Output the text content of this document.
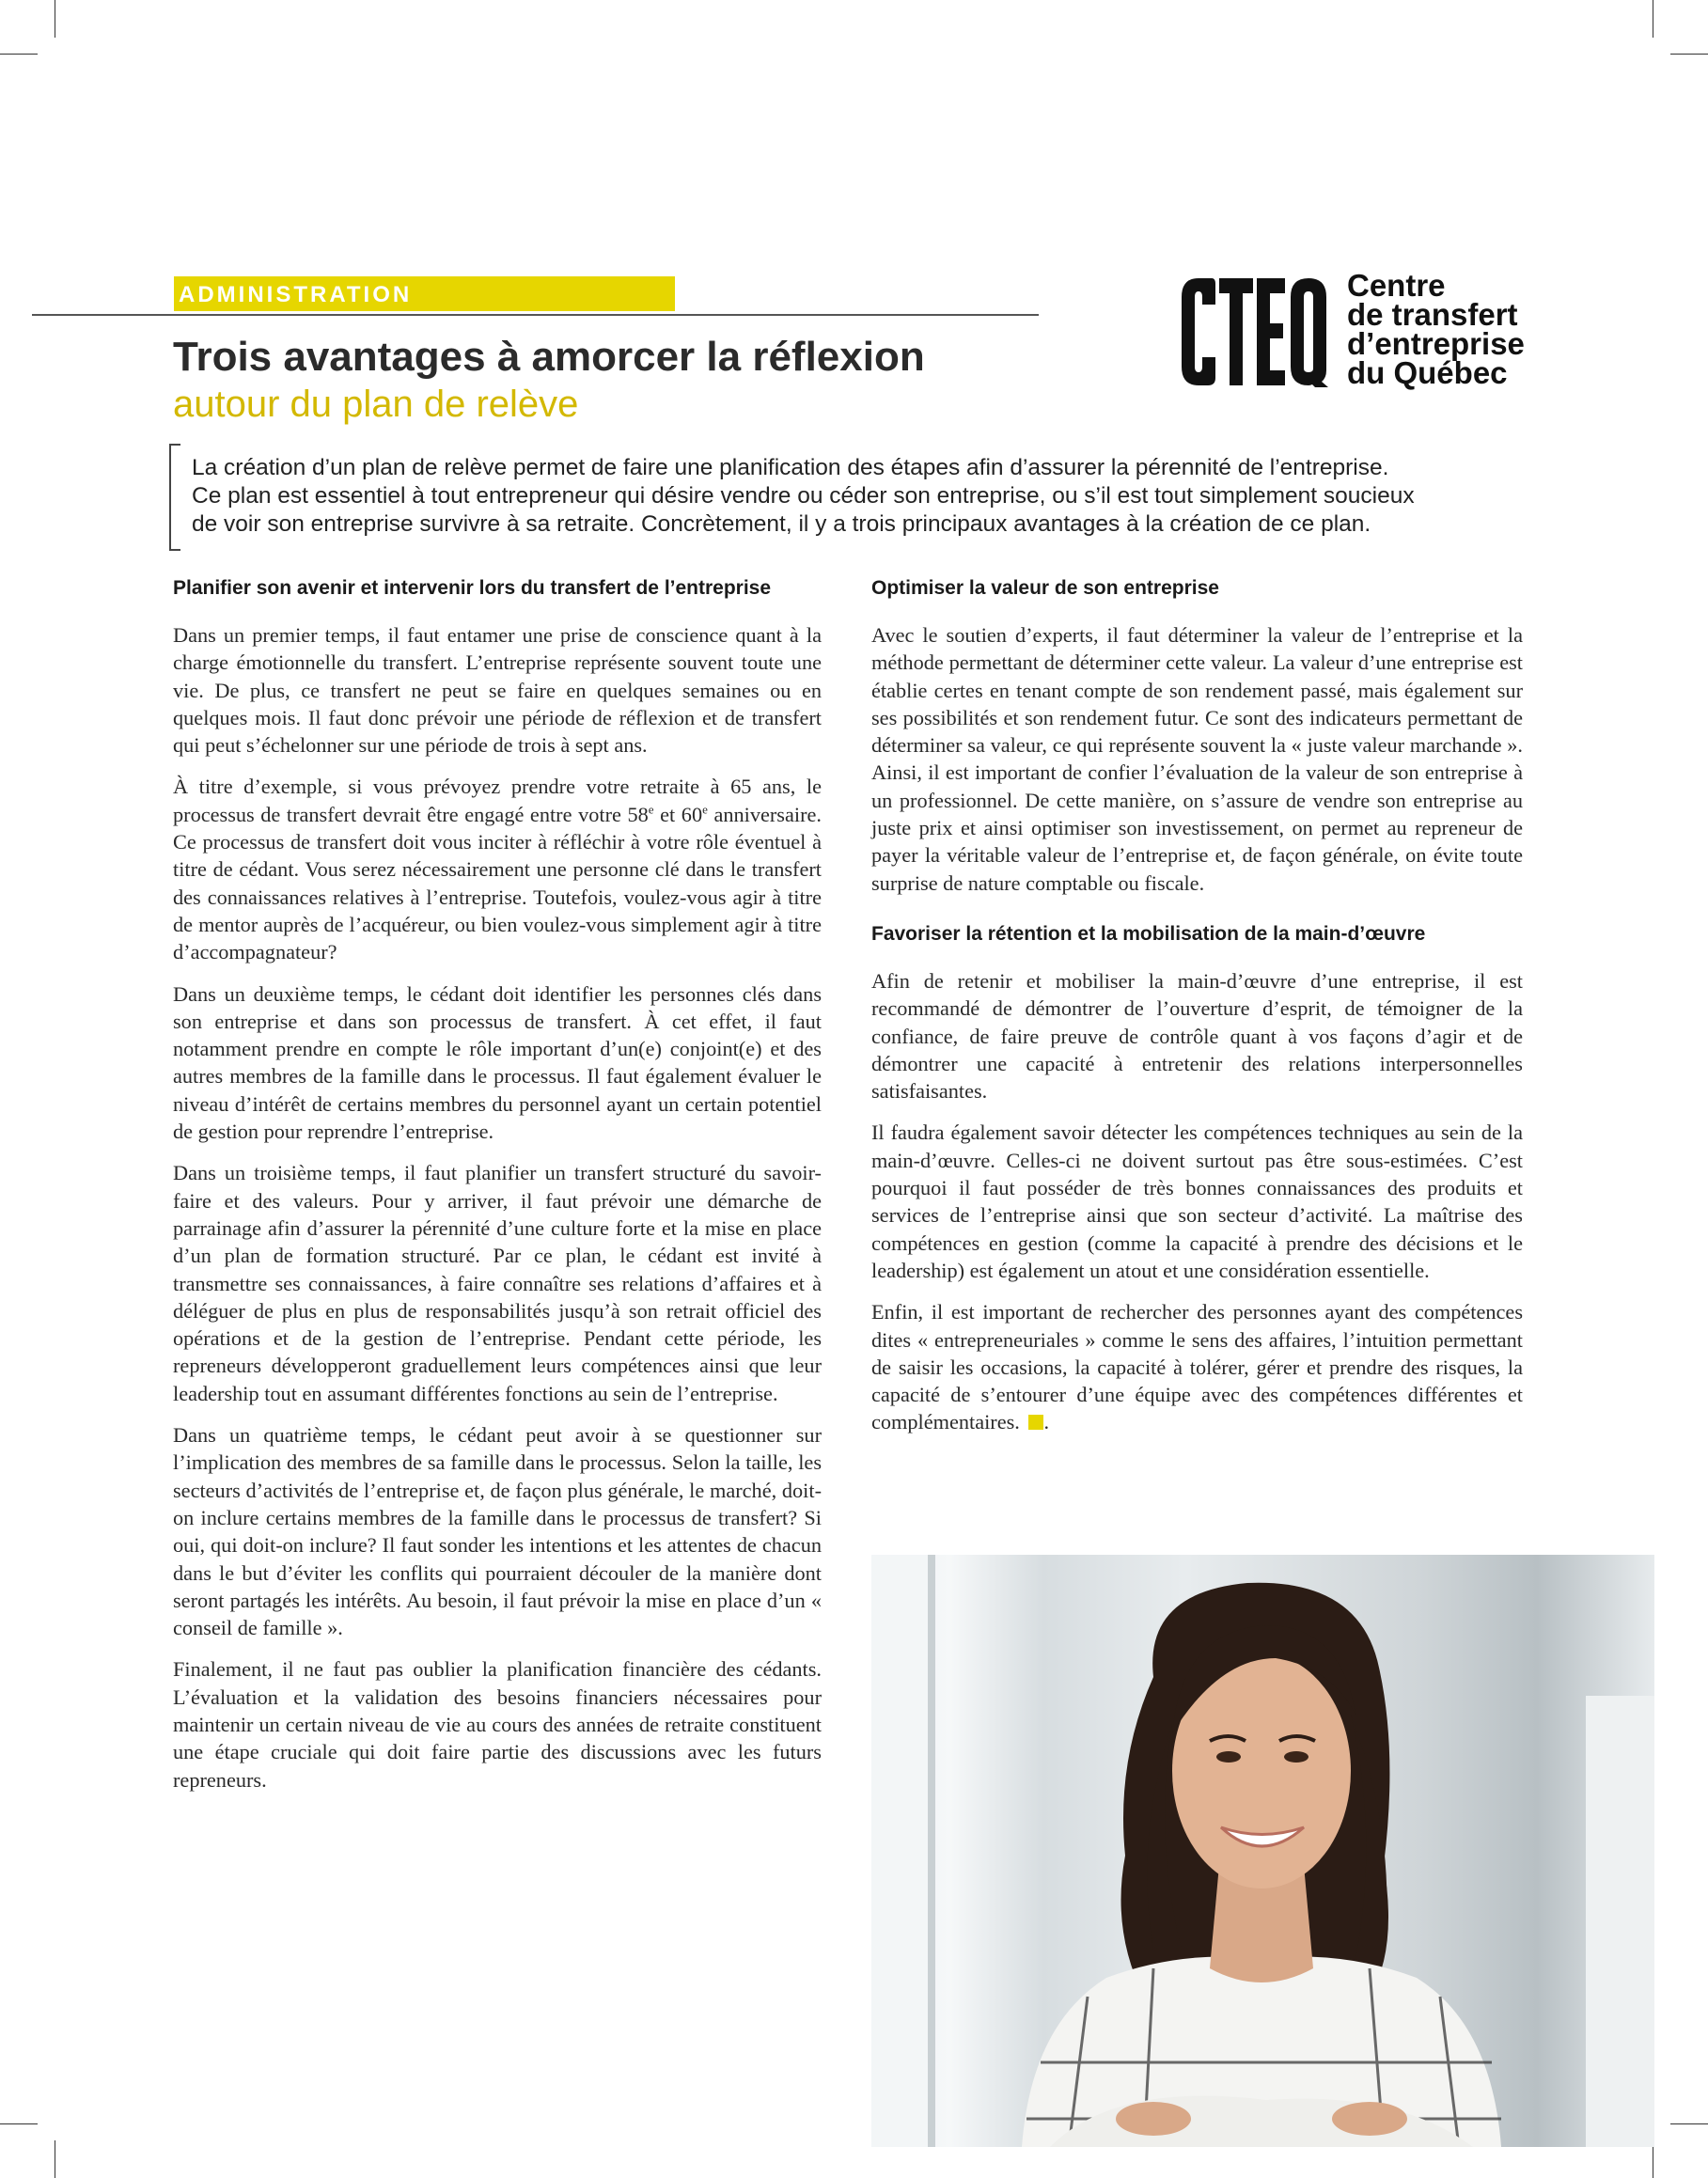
ADMINISTRATION
Trois avantages à amorcer la réflexion
autour du plan de relève
Centre
de transfert
d’entreprise
du Québec
La création d’un plan de relève permet de faire une planification des étapes afin d’assurer la pérennité de l’entreprise.
Ce plan est essentiel à tout entrepreneur qui désire vendre ou céder son entreprise, ou s’il est tout simplement soucieux
de voir son entreprise survivre à sa retraite. Concrètement, il y a trois principaux avantages à la création de ce plan.
Planifier son avenir et intervenir lors du transfert de l’entreprise

Dans un premier temps, il faut entamer une prise de conscience quant à la charge émotionnelle du transfert. L’entreprise représente souvent toute une vie. De plus, ce transfert ne peut se faire en quelques semaines ou en quelques mois. Il faut donc prévoir une période de réflexion et de transfert qui peut s’échelonner sur une période de trois à sept ans.

À titre d’exemple, si vous prévoyez prendre votre retraite à 65 ans, le processus de transfert devrait être engagé entre votre 58e et 60e anniversaire. Ce processus de transfert doit vous inciter à réfléchir à votre rôle éventuel à titre de cédant. Vous serez nécessairement une personne clé dans le transfert des connaissances relatives à l’entreprise. Toutefois, voulez-vous agir à titre de mentor auprès de l’acquéreur, ou bien voulez-vous simplement agir à titre d’accompagnateur?

Dans un deuxième temps, le cédant doit identifier les personnes clés dans son entreprise et dans son processus de transfert. À cet effet, il faut notamment prendre en compte le rôle important d’un(e) conjoint(e) et des autres membres de la famille dans le processus. Il faut également évaluer le niveau d’intérêt de certains membres du personnel ayant un certain potentiel de gestion pour reprendre l’entreprise.

Dans un troisième temps, il faut planifier un transfert structuré du savoir-faire et des valeurs. Pour y arriver, il faut prévoir une démarche de parrainage afin d’assurer la pérennité d’une culture forte et la mise en place d’un plan de formation structuré. Par ce plan, le cédant est invité à transmettre ses connaissances, à faire connaître ses relations d’affaires et à déléguer de plus en plus de responsabilités jusqu’à son retrait officiel des opérations et de la gestion de l’entreprise. Pendant cette période, les repreneurs développeront graduellement leurs compétences ainsi que leur leadership tout en assumant différentes fonctions au sein de l’entreprise.

Dans un quatrième temps, le cédant peut avoir à se questionner sur l’implication des membres de sa famille dans le processus. Selon la taille, les secteurs d’activités de l’entreprise et, de façon plus générale, le marché, doit-on inclure certains membres de la famille dans le processus de transfert? Si oui, qui doit-on inclure? Il faut sonder les intentions et les attentes de chacun dans le but d’éviter les conflits qui pourraient découler de la manière dont seront partagés les intérêts. Au besoin, il faut prévoir la mise en place d’un « conseil de famille ».

Finalement, il ne faut pas oublier la planification financière des cédants. L’évaluation et la validation des besoins financiers nécessaires pour maintenir un certain niveau de vie au cours des années de retraite constituent une étape cruciale qui doit faire partie des discussions avec les futurs repreneurs.

Optimiser la valeur de son entreprise

Avec le soutien d’experts, il faut déterminer la valeur de l’entreprise et la méthode permettant de déterminer cette valeur. La valeur d’une entreprise est établie certes en tenant compte de son rendement passé, mais également sur ses possibilités et son rendement futur. Ce sont des indicateurs permettant de déterminer sa valeur, ce qui représente souvent la « juste valeur marchande ». Ainsi, il est important de confier l’évaluation de la valeur de son entreprise à un professionnel. De cette manière, on s’assure de vendre son entreprise au juste prix et ainsi optimiser son investissement, on permet au repreneur de payer la véritable valeur de l’entreprise et, de façon générale, on évite toute surprise de nature comptable ou fiscale.

Favoriser la rétention et la mobilisation de la main-d’œuvre

Afin de retenir et mobiliser la main-d’œuvre d’une entreprise, il est recommandé de démontrer de l’ouverture d’esprit, de témoigner de la confiance, de faire preuve de contrôle quant à vos façons d’agir et de démontrer une capacité à entretenir des relations interpersonnelles satisfaisantes.

Il faudra également savoir détecter les compétences techniques au sein de la main-d’œuvre. Celles-ci ne doivent surtout pas être sous-estimées. C’est pourquoi il faut posséder de très bonnes connaissances des produits et services de l’entreprise ainsi que son secteur d’activité. La maîtrise des compétences en gestion (comme la capacité à prendre des décisions et le leadership) est également un atout et une considération essentielle.

Enfin, il est important de rechercher des personnes ayant des compétences dites « entrepreneuriales » comme le sens des affaires, l’intuition permettant de saisir les occasions, la capacité à tolérer, gérer et prendre des risques, la capacité de s’entourer d’une équipe avec des compétences différentes et complémentaires. .
